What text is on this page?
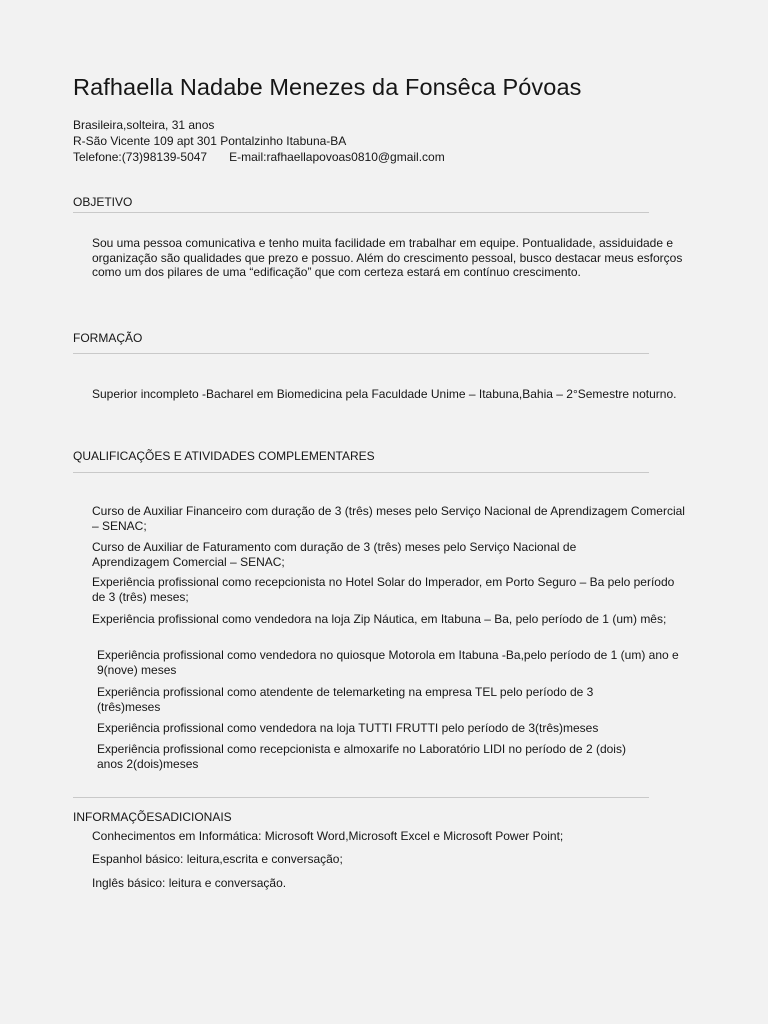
Rafhaella Nadabe Menezes da Fonsêca Póvoas
Brasileira,solteira, 31 anos
R-São Vicente 109 apt 301 Pontalzinho Itabuna-BA
Telefone:(73)98139-5047 E-mail:rafhaellapovoas0810@gmail.com
OBJETIVO
Sou uma pessoa comunicativa e tenho muita facilidade em trabalhar em equipe. Pontualidade, assiduidade e organização são qualidades que prezo e possuo. Além do crescimento pessoal, busco destacar meus esforços como um dos pilares de uma “edificação” que com certeza estará em contínuo crescimento.
FORMAÇÃO
Superior incompleto -Bacharel em Biomedicina pela Faculdade Unime – Itabuna,Bahia – 2°Semestre noturno.
QUALIFICAÇÕES E ATIVIDADES COMPLEMENTARES
Curso de Auxiliar Financeiro com duração de 3 (três) meses pelo Serviço Nacional de Aprendizagem Comercial – SENAC;
Curso de Auxiliar de Faturamento com duração de 3 (três) meses pelo Serviço Nacional de Aprendizagem Comercial – SENAC;
Experiência profissional como recepcionista no Hotel Solar do Imperador, em Porto Seguro – Ba pelo período de 3 (três) meses;
Experiência profissional como vendedora na loja Zip Náutica, em Itabuna – Ba, pelo período de 1 (um) mês;
Experiência profissional como vendedora no quiosque Motorola em Itabuna -Ba,pelo período de 1 (um) ano e 9(nove) meses
Experiência profissional como atendente de telemarketing na empresa TEL pelo período de 3 (três)meses
Experiência profissional como vendedora na loja TUTTI FRUTTI pelo período de 3(três)meses
Experiência profissional como recepcionista e almoxarife no Laboratório LIDI no período de 2 (dois) anos 2(dois)meses
INFORMAÇÕESADICIONAIS
Conhecimentos em Informática: Microsoft Word,Microsoft Excel e Microsoft Power Point;
Espanhol básico: leitura,escrita e conversação;
Inglês básico: leitura e conversação.
